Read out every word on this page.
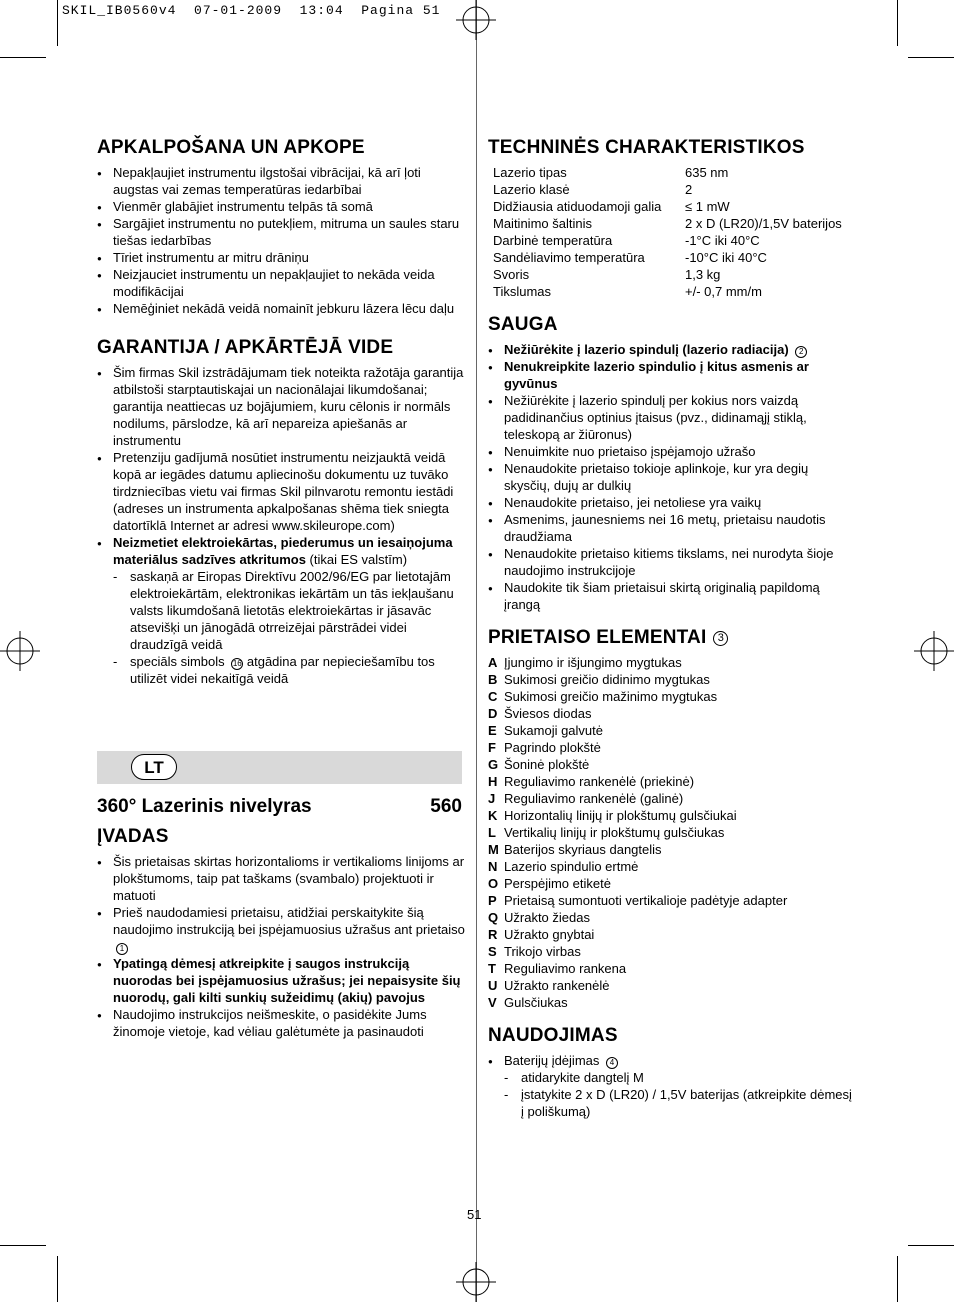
SKIL_IB0560v4  07-01-2009  13:04  Pagina 51
APKALPOŠANA UN APKOPE
● Nepakļaujiet instrumentu ilgstošai vibrācijai, kā arī ļoti augstas vai zemas temperatūras iedarbībai
● Vienmēr glabājiet instrumentu telpās tā somā
● Sargājiet instrumentu no putekļiem, mitruma un saules staru tiešas iedarbības
● Tīriet instrumentu ar mitru drāniņu
● Neizjauciet instrumentu un nepakļaujiet to nekāda veida modifikācijai
● Nemēģiniet nekādā veidā nomainīt jebkuru lāzera lēcu daļu
GARANTIJA / APKĀRTĒJĀ VIDE
● Šim firmas Skil izstrādājumam tiek noteikta ražotāja garantija atbilstoši starptautiskajai un nacionālajai likumdošanai; garantija neattiecas uz bojājumiem, kuru cēlonis ir normāls nodilums, pārslodze, kā arī nepareiza apiešanās ar instrumentu
● Pretenziju gadījumā nosūtiet instrumentu neizjauktā veidā kopā ar iegādes datumu apliecinošu dokumentu uz tuvāko tirdzniecības vietu vai firmas Skil pilnvarotu remontu iestādi (adreses un instrumenta apkalpošanas shēma tiek sniegta datortīklā Internet ar adresi www.skileurope.com)
● Neizmetiet elektroiekārtas, piederumus un iesaiņojuma materiālus sadzīves atkritumos (tikai ES valstīm)
- saskaņā ar Eiropas Direktīvu 2002/96/EG par lietotajām elektroiekārtām, elektronikas iekārtām un tās iekļaušanu valsts likumdošanā lietotās elektroiekārtas ir jāsavāc atsevišķi un jānogādā otrreizējai pārstrādei videi draudzīgā veidā
- speciāls simbols 16 atgādina par nepieciešamību tos utilizēt videi nekaitīgā veidā
LT
360° Lazerinis nivelyras	560
ĮVADAS
● Šis prietaisas skirtas horizontalioms ir vertikalioms linijoms ar plokštumoms, taip pat taškams (svambalo) projektuoti ir matuoti
● Prieš naudodamiesi prietaisu, atidžiai perskaitykite šią naudojimo instrukciją bei įspėjamuosius užrašus ant prietaiso 1
● Ypatingą dėmesį atkreipkite į saugos instrukciją nuorodas bei įspėjamuosius užrašus; jei nepaisysite šių nuorodų, gali kilti sunkių sužeidimų (akių) pavojus
● Naudojimo instrukcijos neišmeskite, o pasidėkite Jums žinomoje vietoje, kad vėliau galėtumėte ja pasinaudoti
TECHNINĖS CHARAKTERISTIKOS
Lazerio tipas	635 nm
Lazerio klasė	2
Didžiausia atiduodamoji galia	≤ 1 mW
Maitinimo šaltinis	2 x D (LR20)/1,5V baterijos
Darbinė temperatūra	-1°C iki 40°C
Sandėliavimo temperatūra	-10°C iki 40°C
Svoris	1,3 kg
Tikslumas	+/- 0,7 mm/m
SAUGA
● Nežiūrėkite į lazerio spindulį (lazerio radiacija) 2
● Nenukreipkite lazerio spindulio į kitus asmenis ar gyvūnus
● Nežiūrėkite į lazerio spindulį per kokius nors vaizdą padidinančius optinius įtaisus (pvz., didinamąjį stiklą, teleskopą ar žiūronus)
● Nenuimkite nuo prietaiso įspėjamojo užrašo
● Nenaudokite prietaiso tokioje aplinkoje, kur yra degių skysčių, dujų ar dulkių
● Nenaudokite prietaiso, jei netoliese yra vaikų
● Asmenims, jaunesniems nei 16 metų, prietaisu naudotis draudžiama
● Nenaudokite prietaiso kitiems tikslams, nei nurodyta šioje naudojimo instrukcijoje
● Naudokite tik šiam prietaisui skirtą originalią papildomą įrangą
PRIETAISO ELEMENTAI 3
A Įjungimo ir išjungimo mygtukas
B Sukimosi greičio didinimo mygtukas
C Sukimosi greičio mažinimo mygtukas
D Šviesos diodas
E Sukamoji galvutė
F Pagrindo plokštė
G Šoninė plokštė
H Reguliavimo rankenėlė (priekinė)
J Reguliavimo rankenėlė (galinė)
K Horizontalių linijų ir plokštumų gulsčiukai
L Vertikalių linijų ir plokštumų gulsčiukas
M Baterijos skyriaus dangtelis
N Lazerio spindulio ertmė
O Perspėjimo etiketė
P Prietaisą sumontuoti vertikalioje padėtyje adapter
Q Užrakto žiedas
R Užrakto gnybtai
S Trikojo virbas
T Reguliavimo rankena
U Užrakto rankenėlė
V Gulsčiukas
NAUDOJIMAS
● Baterijų įdėjimas 4
- atidarykite dangtelį M
- įstatykite 2 x D (LR20) / 1,5V baterijas (atkreipkite dėmesį į poliškumą)
51
